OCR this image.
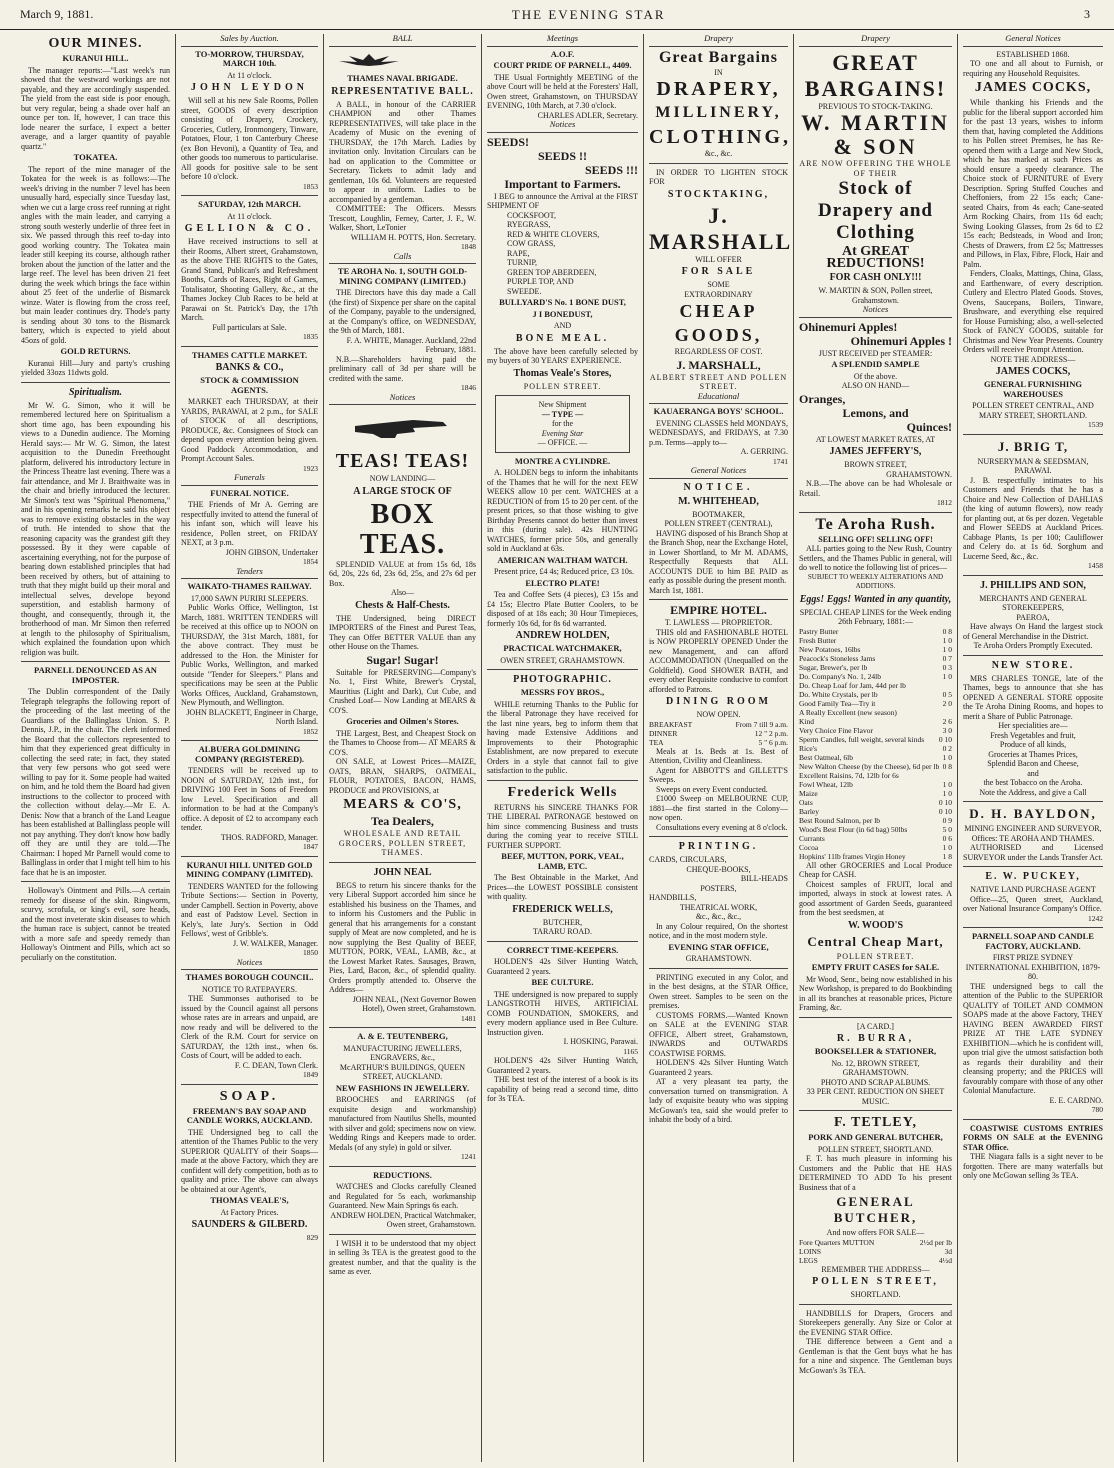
March 9, 1881.	THE EVENING STAR	3
OUR MINES.
KURANUI HILL.

The manager reports:—"Last week's run showed that the westward workings are not payable, and they are accordingly suspended. The yield from the east side is poor enough, but very regular, being a shade over half an ounce per ton. If, however, I can trace this lode nearer the surface, I expect a better average, and a larger quantity of payable quartz."

TOKATEA.

The report of the mine manager of the Tokatea for the week is as follows:—The week's driving in the number 7 level has been unusually hard, especially since Tuesday last, when we cut a large cross reef running at right angles with the main leader, and carrying a strong south westerly underlie of three feet in six. We passed through this reef to-day into good working country. The Tokatea main leader still keeping its course, although rather broken about the junction of the latter and the large reef. The level has been driven 21 feet during the week which brings the face within about 25 feet of the underlie of Bismarck winze. Water is flowing from the cross reef, but main leader continues dry. Thode's party is sending about 30 tons to the Bismarck battery, which is expected to yield about 45ozs of gold.

GOLD RETURNS.

Kuranui Hill—Jury and party's crushing yielded 33ozs 11dwts gold.

Spiritualism.

Mr W. G. Simon, who it will be remembered lectured here on Spiritualism a short time ago, has been expounding his views to a Dunedin audience. The Morning Herald says:— Mr W. G. Simon, the latest acquisition to the Dunedin Freethought platform, delivered his introductory lecture in the Princess Theatre last evening. There was a fair attendance, and Mr J. Braithwaite was in the chair and briefly introduced the lecturer. Mr Simon's text was "Spiritual Phenomena," and in his opening remarks he said his object was to remove existing obstacles in the way of truth. He intended to show that the reasoning capacity was the grandest gift they possessed. By it they were capable of ascertaining everything, not for the purpose of bearing down established principles that had been received by others, but of attaining to truth that they might build up their moral and intellectual selves, develope beyond superstition, and establish harmony of thought, and consequently, through it, the brotherhood of man. Mr Simon then referred at length to the philosophy of Spiritualism, which explained the foundation upon which religion was built.

PARNELL DENOUNCED AS AN IMPOSTER.

The Dublin correspondent of the Daily Telegraph telegraphs the following report of the proceeding of the last meeting of the Guardians of the Ballinglass Union. S. P. Dennis, J.P., in the chair. The clerk informed the Board that the collectors represented to him that they experienced great difficulty in collecting the seed rate; in fact, they stated that very few persons who got seed were willing to pay for it. Some people had waited on him, and he told them the Board had given instructions to the collector to proceed with the collection without delay.—Mr E. A. Denis: Now that a branch of the Land League has been established at Ballinglass people will not pay anything. They don't know how badly off they are until they are told.—The Chairman: I hoped Mr Parnell would come to Ballinglass in order that I might tell him to his face that he is an imposter.

Holloway's Ointment and Pills.—A certain remedy for disease of the skin. Ringworm, scurvy, scrofula, or king's evil, sore heads, and the most inveterate skin diseases to which the human race is subject, cannot be treated with a more safe and speedy remedy than Holloway's Ointment and Pills, which act so peculiarly on the constitution.

Sales by Auction.
TO-MORROW, THURSDAY, MARCH 10th.
At 11 o'clock.
JOHN LEYDON

Will sell at his new Sale Rooms, Pollen street, GOODS of every description consisting of Drapery, Crockery, Groceries, Cutlery, Ironmongery, Tinware, Potatoes, Flour, 1 ton Canterbury Cheese (ex Bon Hevoni), a Quantity of Tea, and other goods too numerous to particularise. All goods for positive sale to be sent before 10 o'clock.

1853
SATURDAY, 12th MARCH.
At 11 o'clock.
GELLION & CO.

Have received instructions to sell at their Rooms, Albert street, Grahamstown, as the above THE RIGHTS to the Gates, Grand Stand, Publican's and Refreshment Booths, Cards of Races, Right of Games, Totalisator, Shooting Gallery, &c., at the Thames Jockey Club Races to be held at Parawai on St. Patrick's Day, the 17th March.

Full particulars at Sale.
1835
THAMES CATTLE MARKET.
BANKS & CO.,
STOCK & COMMISSION AGENTS.

MARKET each THURSDAY, at their YARDS, PARAWAI, at 2 p.m., for SALE of STOCK of all descriptions, PRODUCE, &c. Consignees of Stock can depend upon every attention being given. Good Paddock Accommodation, and Prompt Account Sales.

1923
Funerals
FUNERAL NOTICE.

THE Friends of Mr A. Gerring are respectfully invited to attend the funeral of his infant son, which will leave his residence, Pollen street, on FRIDAY NEXT, at 3 p.m.

JOHN GIBSON, Undertaker
1854
Tenders
WAIKATO-THAMES RAILWAY.
17,000 SAWN PURIRI SLEEPERS.

Public Works Office, Wellington, 1st March, 1881. WRITTEN TENDERS will be received at this office up to NOON on THURSDAY, the 31st March, 1881, for the above contract. They must be addressed to the Hon. the Minister for Public Works, Wellington, and marked outside "Tender for Sleepers." Plans and specifications may be seen at the Public Works Offices, Auckland, Grahamstown, New Plymouth, and Wellington.

JOHN BLACKETT, Engineer in Charge, North Island.
1852
ALBUERA GOLDMINING COMPANY (REGISTERED).

TENDERS will be received up to NOON of SATURDAY, 12th inst., for DRIVING 100 Feet in Sons of Freedom low Level. Specification and all information to be had at the Company's office. A deposit of £2 to accompany each tender.

THOS. RADFORD, Manager.
1847
KURANUI HILL UNITED GOLD MINING COMPANY (LIMITED).

TENDERS WANTED for the following Tribute Sections:— Section in Poverty, under Campbell. Section in Poverty, above and east of Padstow Level. Section in Kely's, late Jury's. Section in Odd Fellows', west of Gribble's.

J. W. WALKER, Manager.
1850
Notices
THAMES BOROUGH COUNCIL.
NOTICE TO RATEPAYERS.

THE Summonses authorised to be issued by the Council against all persons whose rates are in arrears and unpaid, are now ready and will be delivered to the Clerk of the R.M. Court for service on SATURDAY, the 12th inst., when 6s. Costs of Court, will be added to each.

F. C. DEAN, Town Clerk.
1849
SOAP.
FREEMAN'S BAY SOAP AND CANDLE WORKS, AUCKLAND.

THE Undersigned beg to call the attention of the Thames Public to the very SUPERIOR QUALITY of their Soaps—made at the above Factory, which they are confident will defy competition, both as to quality and price. The above can always be obtained at our Agent's,

THOMAS VEALE'S,
At Factory Prices.
SAUNDERS & GILBERD.
829
BALL
THAMES NAVAL BRIGADE.
REPRESENTATIVE BALL.

A BALL, in honour of the CARRIER CHAMPION and other Thames REPRESENTATIVES, will take place in the Academy of Music on the evening of THURSDAY, the 17th March. Ladies by invitation only. Invitation Circulars can be had on application to the Committee or Secretary. Tickets to admit lady and gentleman, 10s 6d. Volunteers are requested to appear in uniform. Ladies to be accompanied by a gentleman.

COMMITTEE: The Officers. Messrs Trescott, Loughlin, Ferney, Carter, J. F., W. Walker, Short, LeTonier

WILLIAM H. POTTS, Hon. Secretary.
1848
Calls
TE AROHA No. 1, SOUTH GOLD-MINING COMPANY (LIMITED.)

THE Directors have this day made a Call (the first) of Sixpence per share on the capital of the Company, payable to the undersigned, at the Company's office, on WEDNESDAY, the 9th of March, 1881.

F. A. WHITE, Manager. Auckland, 22nd February, 1881.

N.B.—Shareholders having paid the preliminary call of 3d per share will be credited with the same.

1846
Notices
TEAS! TEAS!
NOW LANDING—
A LARGE STOCK OF
BOX TEAS.

SPLENDID VALUE at from 15s 6d, 18s 6d, 20s, 22s 6d, 23s 6d, 25s, and 27s 6d per Box.

Also—
Chests & Half-Chests.

THE Undersigned, being DIRECT IMPORTERS of the Finest and Purest Teas, They can Offer BETTER VALUE than any other House on the Thames.

Sugar! Sugar!

Suitable for PRESERVING—Company's No. 1, First White, Brewer's Crystal, Mauritius (Light and Dark), Cut Cube, and Crushed Loaf— Now Landing at MEARS & CO'S.

Groceries and Oilmen's Stores.

THE Largest, Best, and Cheapest Stock on the Thames to Choose from— AT MEARS & CO'S.

ON SALE, at Lowest Prices—MAIZE, OATS, BRAN, SHARPS, OATMEAL, FLOUR, POTATOES, BACON, HAMS, PRODUCE and PROVISIONS, at

MEARS & CO'S,
Tea Dealers,
WHOLESALE AND RETAIL GROCERS, POLLEN STREET, THAMES.
JOHN NEAL

BEGS to return his sincere thanks for the very Liberal Support accorded him since he established his business on the Thames, and to inform his Customers and the Public in general that his arrangements for a constant supply of Meat are now completed, and he is now supplying the Best Quality of BEEF, MUTTON, PORK, VEAL, LAMB, &c., at the Lowest Market Rates. Sausages, Brawn, Pies, Lard, Bacon, &c., of splendid quality. Orders promptly attended to. Observe the Address—

JOHN NEAL, (Next Governor Bowen Hotel), Owen street, Grahamstown.
1481
A. & E. TEUTENBERG,
MANUFACTURING JEWELLERS, ENGRAVERS, &c.,
McARTHUR'S BUILDINGS, QUEEN STREET, AUCKLAND.
NEW FASHIONS IN JEWELLERY.

BROOCHES and EARRINGS (of exquisite design and workmanship) manufactured from Nautilus Shells, mounted with silver and gold; specimens now on view. Wedding Rings and Keepers made to order. Medals (of any style) in gold or silver.

1241
REDUCTIONS.

WATCHES and Clocks carefully Cleaned and Regulated for 5s each, workmanship Guaranteed. New Main Springs 6s each.

ANDREW HOLDEN, Practical Watchmaker, Owen street, Grahamstown.

I WISH it to be understood that my object in selling 3s TEA is the greatest good to the greatest number, and that the quality is the same as ever.

Meetings
A.O.F.
COURT PRIDE OF PARNELL, 4409.

THE Usual Fortnightly MEETING of the above Court will be held at the Foresters' Hall, Owen street, Grahamstown, on THURSDAY EVENING, 10th March, at 7.30 o'clock.

CHARLES ADLER, Secretary.
Notices
SEEDS!
SEEDS !!
SEEDS !!!
Important to Farmers.

I BEG to announce the Arrival at the FIRST SHIPMENT OF

COCKSFOOT,
RYEGRASS,
RED & WHITE CLOVERS,
COW GRASS,
RAPE,
TURNIP,
GREEN TOP ABERDEEN,
PURPLE TOP, AND
SWEEDE.
BULLYARD'S No. 1 BONE DUST,
J I BONEDUST,
AND
BONE MEAL.

The above have been carefully selected by my buyers of 30 YEARS' EXPERIENCE.

Thomas Veale's Stores,
POLLEN STREET.
New Shipment
— TYPE —
for the
Evening Star
— OFFICE. —
MONTRE A CYLINDRE.

A. HOLDEN begs to inform the inhabitants of the Thames that he will for the next FEW WEEKS allow 10 per cent. WATCHES at a REDUCTION of from 15 to 20 per cent. of the present prices, so that those wishing to give Birthday Presents cannot do better than invest in this (during sale). 42s HUNTING WATCHES, former price 50s, and generally sold in Auckland at 63s.

AMERICAN WALTHAM WATCH.

Present price, £4 4s; Reduced price, £3 10s.

ELECTRO PLATE!

Tea and Coffee Sets (4 pieces), £3 15s and £4 15s; Electro Plate Butter Coolers, to be disposed of at 18s each; 30 Hour Timepieces, formerly 10s 6d, for 8s 6d warranted.

ANDREW HOLDEN,
PRACTICAL WATCHMAKER,
OWEN STREET, GRAHAMSTOWN.
PHOTOGRAPHIC.
MESSRS FOY BROS.,

WHILE returning Thanks to the Public for the liberal Patronage they have received for the last nine years, beg to inform them that having made Extensive Additions and Improvements to their Photographic Establishment, are now prepared to execute Orders in a style that cannot fail to give satisfaction to the public.

Frederick Wells

RETURNS his SINCERE THANKS FOR THE LIBERAL PATRONAGE bestowed on him since commencing Business and trusts during the coming year to receive STILL FURTHER SUPPORT.

BEEF, MUTTON, PORK, VEAL, LAMB, ETC.

The Best Obtainable in the Market, And Prices—the LOWEST POSSIBLE consistent with quality.

FREDERICK WELLS,
BUTCHER,
TARARU ROAD.
CORRECT TIME-KEEPERS.

HOLDEN'S 42s Silver Hunting Watch, Guaranteed 2 years.

BEE CULTURE.

THE undersigned is now prepared to supply LANGSTROTH HIVES, ARTIFICIAL COMB FOUNDATION, SMOKERS, and every modern appliance used in Bee Culture. Instruction given.

I. HOSKING, Parawai.
1165

HOLDEN'S 42s Silver Hunting Watch, Guaranteed 2 years.

THE best test of the interest of a book is its capability of being read a second time, ditto for 3s TEA.

Drapery
Great Bargains
IN
DRAPERY,
MILLINERY,
CLOTHING,
&c., &c.

IN ORDER TO LIGHTEN STOCK FOR

STOCKTAKING,
J. MARSHALL
WILL OFFER
FOR SALE
SOME
EXTRAORDINARY
CHEAP GOODS,
REGARDLESS OF COST.
J. MARSHALL,
ALBERT STREET AND POLLEN STREET.
Educational
KAUAERANGA BOYS' SCHOOL.

EVENING CLASSES held MONDAYS, WEDNESDAYS, and FRIDAYS, at 7.30 p.m. Terms—apply to—

A. GERRING.
1741
General Notices
NOTICE.
M. WHITEHEAD,
BOOTMAKER,
POLLEN STREET (CENTRAL),

HAVING disposed of his Branch Shop at the Branch Shop, near the Exchange Hotel, in Lower Shortland, to Mr M. ADAMS, Respectfully Requests that ALL ACCOUNTS DUE to him BE PAID as early as possible during the present month.

March 1st, 1881.
EMPIRE HOTEL.
T. LAWLESS — PROPRIETOR.

THIS old and FASHIONABLE HOTEL is NOW PROPERLY OPENED Under the new Management, and can afford ACCOMMODATION (Unequalled on the Goldfield). Good SHOWER BATH, and every other Requisite conducive to comfort afforded to Patrons.

DINING ROOM
NOW OPEN.
BREAKFAST	From 7 till 9 a.m.
DINNER	12 " 2 p.m.
TEA	5 " 6 p.m.

Meals at 1s. Beds at 1s. Best of Attention, Civility and Cleanliness.

Agent for ABBOTT'S and GILLETT'S Sweeps.

Sweeps on every Event conducted.

£1000 Sweep on MELBOURNE CUP, 1881—the first started in the Colony—now open.

Consultations every evening at 8 o'clock.

PRINTING.
CARDS, CIRCULARS,
CHEQUE-BOOKS,
BILL-HEADS
POSTERS,
HANDBILLS,
THEATRICAL WORK,
&c., &c., &c.,

In any Colour required, On the shortest notice, and in the most modern style.

EVENING STAR OFFICE,
GRAHAMSTOWN.

PRINTING executed in any Color, and in the best designs, at the STAR Office, Owen street. Samples to be seen on the premises.

CUSTOMS FORMS.—Wanted Known on SALE at the EVENING STAR OFFICE, Albert street, Grahamstown, INWARDS and OUTWARDS COASTWISE FORMS.

HOLDEN'S 42s Silver Hunting Watch Guaranteed 2 years.

AT a very pleasant tea party, the conversation turned on transmigration. A lady of exquisite beauty who was sipping McGowan's tea, said she would prefer to inhabit the body of a bird.

Drapery
GREAT BARGAINS!
PREVIOUS TO STOCK-TAKING.
W. MARTIN & SON
ARE NOW OFFERING THE WHOLE OF THEIR
Stock of Drapery and Clothing
At GREAT REDUCTIONS!
FOR CASH ONLY!!!
W. MARTIN & SON, Pollen street, Grahamstown.
Notices
Ohinemuri Apples!
Ohinemuri Apples !
JUST RECEIVED per STEAMER:
A SPLENDID SAMPLE
Of the above.
ALSO ON HAND—
Oranges,
Lemons, and
Quinces!
AT LOWEST MARKET RATES, AT
JAMES JEFFERY'S,
BROWN STREET,
GRAHAMSTOWN.

N.B.—The above can be had Wholesale or Retail.

1812
Te Aroha Rush.
SELLING OFF! SELLING OFF!

ALL parties going to the New Rush, Country Settlers, and the Thames Public in general, will do well to notice the following list of prices—

SUBJECT TO WEEKLY ALTERATIONS AND ADDITIONS.
Eggs! Eggs! Wanted in any quantity,
SPECIAL CHEAP LINES for the Week ending 26th February, 1881:—
Pastry Butter	0 8
Fresh Butter	1 0
New Potatoes, 16lbs	1 0
Peacock's Stoneless Jams	0 7
Sugar, Brewer's, per lb	0 3
Do. Company's No. 1, 24lb	1 0
Do. Cheap Loaf for Jam, 44d per lb
Do. White Crystals, per lb	0 5
Good Family Tea—Try it	2 0
A Really Excellent (new season)
Kind	2 6
Very Choice Fine Flavor	3 0
Sperm Candles, full weight, several kinds 0 10
Rice's	0 2
Best Oatmeal, 6lb	1 0
New Walton Cheese (by the Cheese), 6d per lb 0 8
Excellent Raisins, 7d, 12lb for 6s
Fowl Wheat, 12lb	1 0
Maize	1 0
Oats	0 10
Barley	0 10
Best Round Salmon, per lb	0 9
Wood's Best Flour (in 6d bag) 50lbs	5 0
Currants	0 6
Cocoa	1 0
Hopkins' 11lb frames Virgin Honey	1 8

All other GROCERIES and Local Produce Cheap for CASH.

Choicest samples of FRUIT, local and imported, always in stock at lowest rates. A good assortment of Garden Seeds, guaranteed from the best seedsmen, at

W. WOOD'S
Central Cheap Mart,
POLLEN STREET.
EMPTY FRUIT CASES for SALE.

Mr Wood, Senr., being now established in his New Workshop, is prepared to do Bookbinding in all its branches at reasonable prices, Picture Framing, &c.

[A CARD.]
R. BURRA,
BOOKSELLER & STATIONER,
No. 12, BROWN STREET, GRAHAMSTOWN.
PHOTO AND SCRAP ALBUMS.
33 PER CENT. REDUCTION ON SHEET MUSIC.
F. TETLEY,
PORK AND GENERAL BUTCHER,
POLLEN STREET, SHORTLAND.

F. T. has much pleasure in informing his Customers and the Public that HE HAS DETERMINED TO ADD To his present Business that of a

GENERAL BUTCHER,
And now offers FOR SALE—
Fore Quarters MUTTON	2½d per lb
LOINS	3d
LEGS	4½d
REMEMBER THE ADDRESS—
POLLEN STREET,
SHORTLAND.

HANDBILLS for Drapers, Grocers and Storekeepers generally. Any Size or Color at the EVENING STAR Office.

THE difference between a Gent and a Gentleman is that the Gent buys what he has for a nine and sixpence. The Gentleman buys McGowan's 3s TEA.

General Notices
ESTABLISHED 1868.

TO one and all about to Furnish, or requiring any Household Requisites.

JAMES COCKS,

While thanking his Friends and the public for the liberal support accorded him for the past 13 years, wishes to inform them that, having completed the Additions to his Pollen street Premises, he has Re-opened them with a Large and New Stock, which he has marked at such Prices as should ensure a speedy clearance. The Choice stock of FURNITURE of Every Description. Spring Stuffed Couches and Cheffoniers, from 22 15s each; Cane-seated Chairs, from 4s each; Cane-seated Arm Rocking Chairs, from 11s 6d each; Swing Looking Glasses, from 2s 6d to £2 15s each; Bedsteads, in Wood and Iron; Chests of Drawers, from £2 5s; Mattresses and Pillows, in Flax, Fibre, Flock, Hair and Palm.

Fenders, Cloaks, Mattings, China, Glass, and Earthenware, of every description. Cutlery and Electro Plated Goods. Stoves, Ovens, Saucepans, Boilers, Tinware, Brushware, and everything else required for House Furnishing; also, a well-selected Stock of FANCY GOODS, suitable for Christmas and New Year Presents. Country Orders will receive Prompt Attention.

NOTE THE ADDRESS—
JAMES COCKS,
GENERAL FURNISHING WAREHOUSES
POLLEN STREET CENTRAL, AND MARY STREET, SHORTLAND.
1539
J. BRIG T,
NURSERYMAN & SEEDSMAN,
PARAWAI.

J. B. respectfully intimates to his Customers and Friends that he has a Choice and New Collection of DAHLIAS (the king of autumn flowers), now ready for planting out, at 6s per dozen. Vegetable and Flower SEEDS at Auckland Prices. Cabbage Plants, 1s per 100; Cauliflower and Celery do. at 1s 6d. Sorghum and Lucerne Seed, &c., &c.

1458
J. PHILLIPS AND SON,
MERCHANTS AND GENERAL STOREKEEPERS,
PAEROA,

Have always On Hand the largest stock of General Merchandise in the District.

Te Aroha Orders Promptly Executed.
NEW STORE.

MRS CHARLES TONGE, late of the Thames, begs to announce that she has OPENED A GENERAL STORE opposite the Te Aroha Dining Rooms, and hopes to merit a Share of Public Patronage.

Her specialities are—
Fresh Vegetables and fruit,
Produce of all kinds,
Groceries at Thames Prices,
Splendid Bacon and Cheese,
and
the best Tobacco on the Aroha.
Note the Address, and give a Call
D. H. BAYLDON,
MINING ENGINEER AND SURVEYOR,
Offices: TE AROHA AND THAMES.

AUTHORISED and Licensed SURVEYOR under the Lands Transfer Act.

E. W. PUCKEY,
NATIVE LAND PURCHASE AGENT

Office—25, Queen street, Auckland, over National Insurance Company's Office.

1242
PARNELL SOAP AND CANDLE FACTORY, AUCKLAND.
FIRST PRIZE SYDNEY INTERNATIONAL EXHIBITION, 1879-80.

THE undersigned begs to call the attention of the Public to the SUPERIOR QUALITY of TOILET AND COMMON SOAPS made at the above Factory, THEY HAVING BEEN AWARDED FIRST PRIZE AT THE LATE SYDNEY EXHIBITION—which he is confident will, upon trial give the utmost satisfaction both as regards their durability and their cleansing property; and the PRICES will favourably compare with those of any other Colonial Manufacture.

E. E. CARDNO.
780

COASTWISE CUSTOMS ENTRIES FORMS ON SALE at the EVENING STAR Office.

THE Niagara falls is a sight never to be forgotten. There are many waterfalls but only one McGowan selling 3s TEA.
